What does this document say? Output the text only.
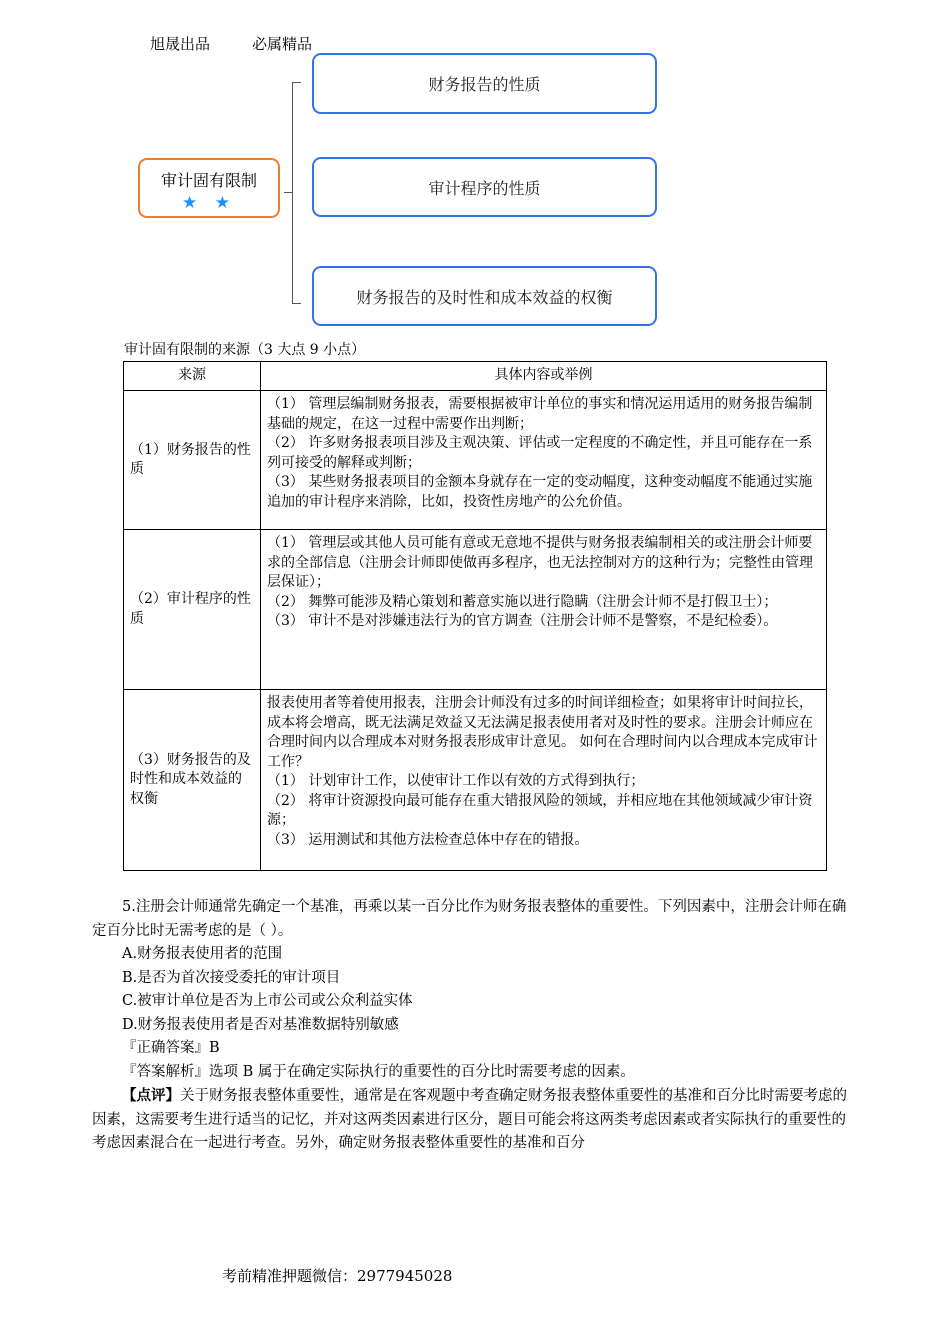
旭晟出品	必属精品
审计固有限制
★ ★
财务报告的性质
审计程序的性质
财务报告的及时性和成本效益的权衡
审计固有限制的来源（3 大点 9 小点）
来源	具体内容或举例
（1）财务报告的性质	（1） 管理层编制财务报表，需要根据被审计单位的事实和情况运用适用的财务报告编制基础的规定，在这一过程中需要作出判断；
（2） 许多财务报表项目涉及主观决策、评估或一定程度的不确定性，并且可能存在一系列可接受的解释或判断；
（3） 某些财务报表项目的金额本身就存在一定的变动幅度，这种变动幅度不能通过实施追加的审计程序来消除，比如，投资性房地产的公允价值。

（2）审计程序的性质	（1） 管理层或其他人员可能有意或无意地不提供与财务报表编制相关的或注册会计师要求的全部信息（注册会计师即使做再多程序，也无法控制对方的这种行为；完整性由管理层保证）；
（2） 舞弊可能涉及精心策划和蓄意实施以进行隐瞒（注册会计师不是打假卫士）；
（3） 审计不是对涉嫌违法行为的官方调查（注册会计师不是警察，不是纪检委）。

（3）财务报告的及时性和成本效益的权衡	报表使用者等着使用报表，注册会计师没有过多的时间详细检查；如果将审计时间拉长，成本将会增高，既无法满足效益又无法满足报表使用者对及时性的要求。注册会计师应在合理时间内以合理成本对财务报表形成审计意见。 如何在合理时间内以合理成本完成审计工作？
（1） 计划审计工作，以使审计工作以有效的方式得到执行；
（2） 将审计资源投向最可能存在重大错报风险的领域，并相应地在其他领域减少审计资源；
（3） 运用测试和其他方法检查总体中存在的错报。

5.注册会计师通常先确定一个基准，再乘以某一百分比作为财务报表整体的重要性。下列因素中，注册会计师在确定百分比时无需考虑的是（ ）。

A.财务报表使用者的范围

B.是否为首次接受委托的审计项目

C.被审计单位是否为上市公司或公众利益实体

D.财务报表使用者是否对基准数据特别敏感

『正确答案』B

『答案解析』选项 B 属于在确定实际执行的重要性的百分比时需要考虑的因素。

【点评】关于财务报表整体重要性，通常是在客观题中考查确定财务报表整体重要性的基准和百分比时需要考虑的因素，这需要考生进行适当的记忆，并对这两类因素进行区分，题目可能会将这两类考虑因素或者实际执行的重要性的考虑因素混合在一起进行考查。另外，确定财务报表整体重要性的基准和百分

考前精准押题微信：2977945028
